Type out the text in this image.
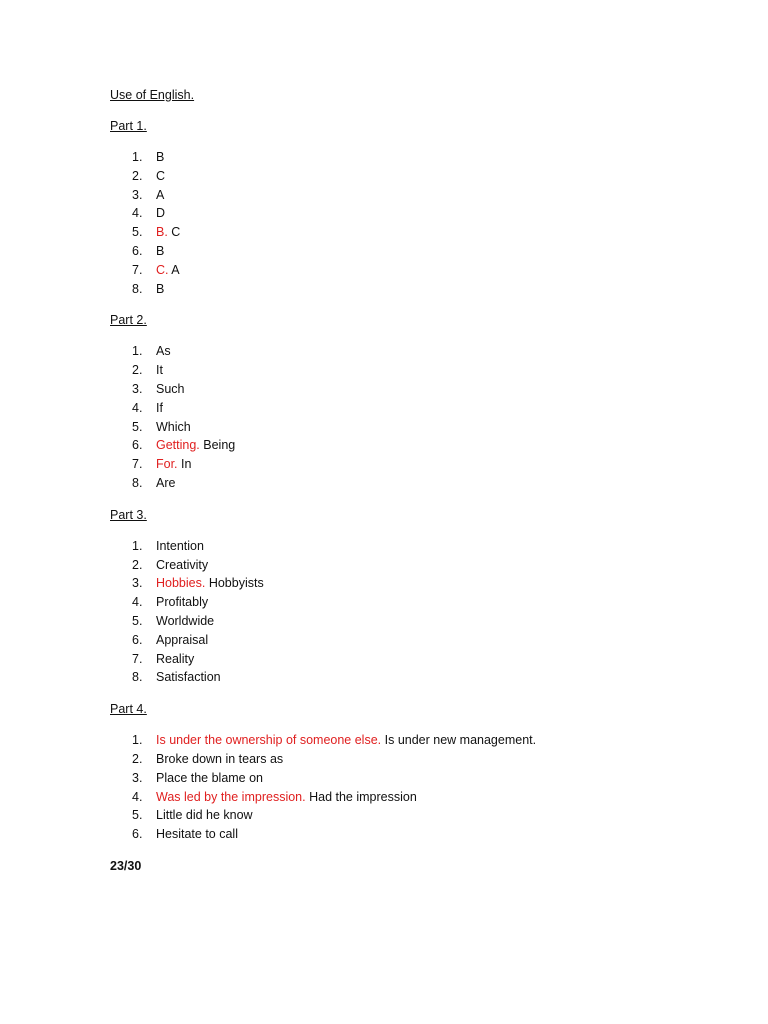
Use of English.
Part 1.
1.	B
2.	C
3.	A
4.	D
5.	B. C
6.	B
7.	C. A
8.	B
Part 2.
1.	As
2.	It
3.	Such
4.	If
5.	Which
6.	Getting. Being
7.	For. In
8.	Are
Part 3.
1.	Intention
2.	Creativity
3.	Hobbies. Hobbyists
4.	Profitably
5.	Worldwide
6.	Appraisal
7.	Reality
8.	Satisfaction
Part 4.
1.	Is under the ownership of someone else. Is under new management.
2.	Broke down in tears as
3.	Place the blame on
4.	Was led by the impression. Had the impression
5.	Little did he know
6.	Hesitate to call
23/30
